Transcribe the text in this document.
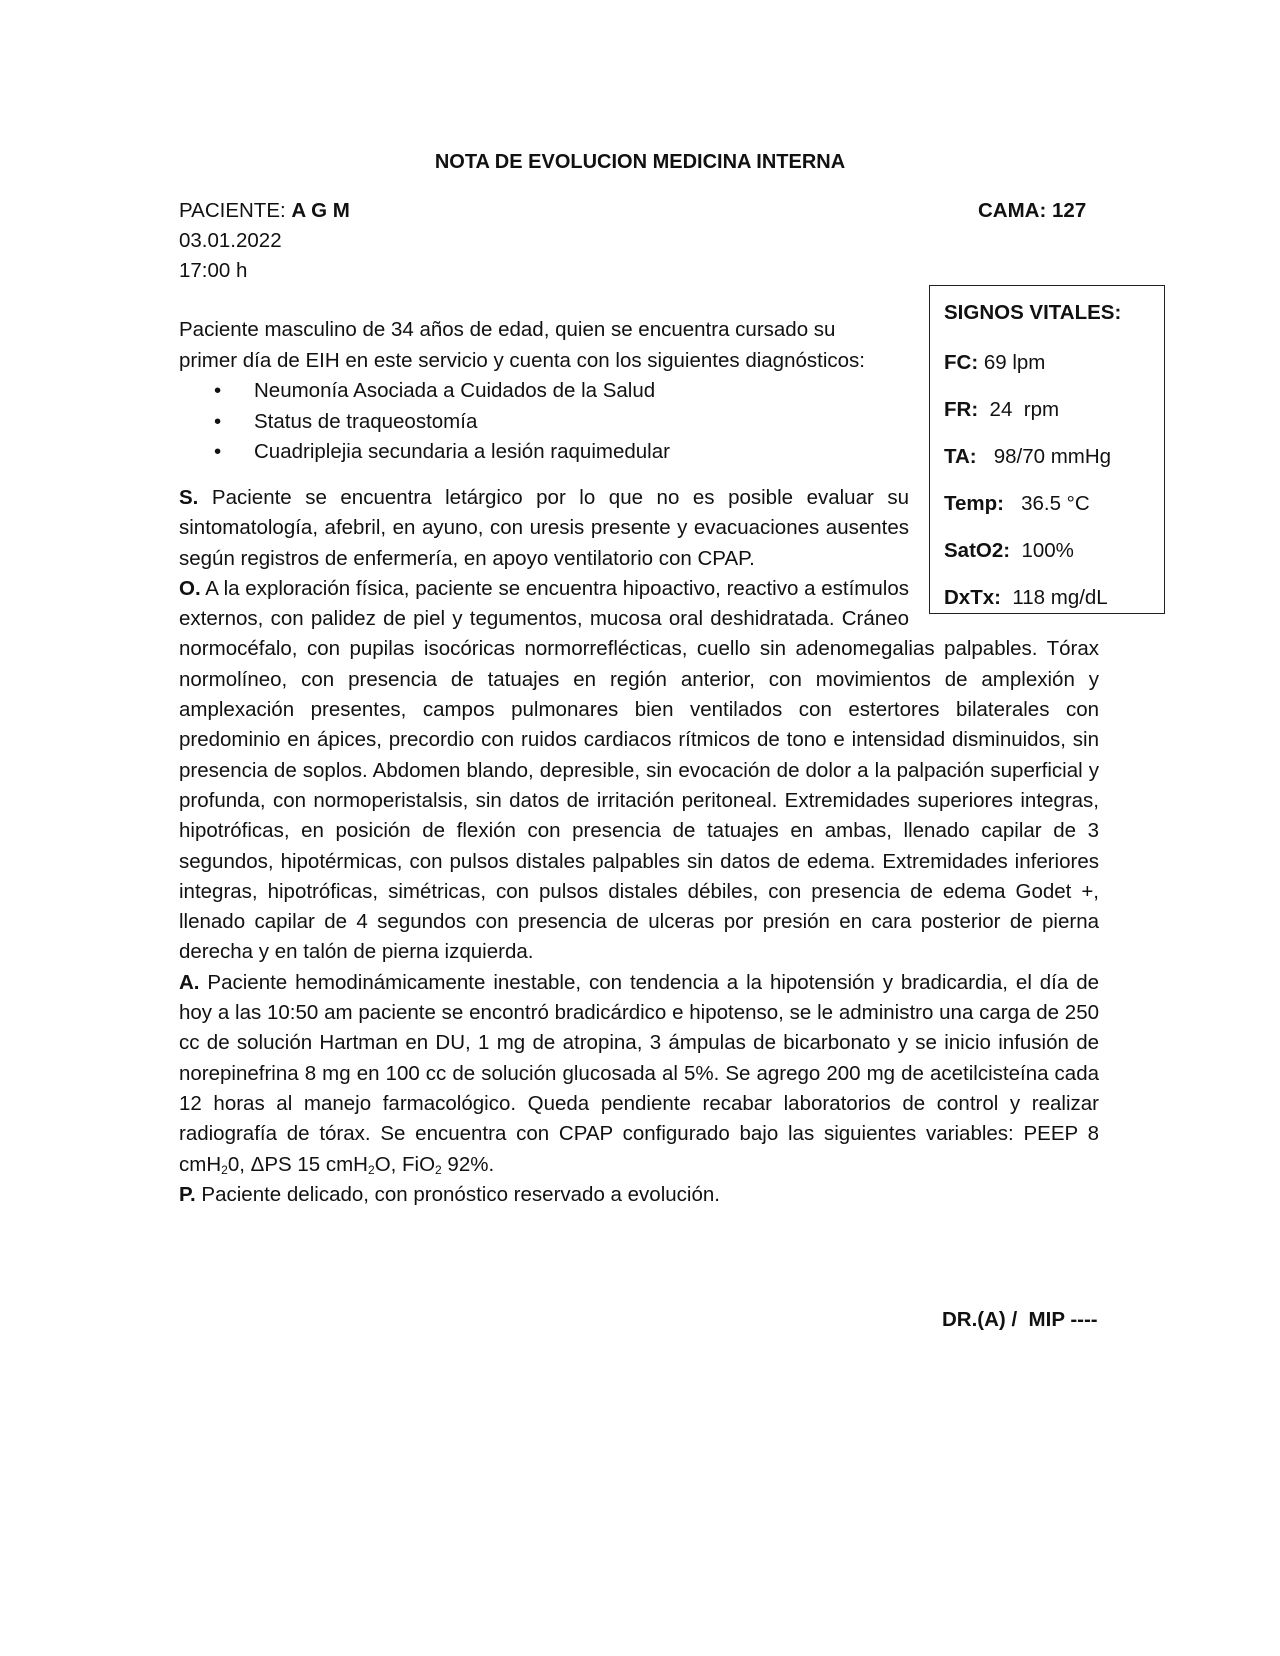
NOTA DE EVOLUCION MEDICINA INTERNA
PACIENTE: A G M	CAMA: 127
03.01.2022
17:00 h
Paciente masculino de 34 años de edad, quien se encuentra cursado su primer día de EIH en este servicio y cuenta con los siguientes diagnósticos:
• Neumonía Asociada a Cuidados de la Salud
• Status de traqueostomía
• Cuadriplejia secundaria a lesión raquimedular
SIGNOS VITALES:
FC: 69 lpm
FR:  24  rpm
TA:   98/70 mmHg
Temp:   36.5 °C
SatO2:  100%
DxTx:  118 mg/dL

S. Paciente se encuentra letárgico por lo que no es posible evaluar su sintomatología, afebril, en ayuno, con uresis presente y evacuaciones ausentes según registros de enfermería, en apoyo ventilatorio con CPAP.

O. A la exploración física, paciente se encuentra hipoactivo, reactivo a estímulos externos, con palidez de piel y tegumentos, mucosa oral deshidratada. Cráneo normocéfalo, con pupilas isocóricas normorreflécticas, cuello sin adenomegalias palpables. Tórax normolíneo, con presencia de tatuajes en región anterior, con movimientos de amplexión y amplexación presentes, campos pulmonares bien ventilados con estertores bilaterales con predominio en ápices, precordio con ruidos cardiacos rítmicos de tono e intensidad disminuidos, sin presencia de soplos. Abdomen blando, depresible, sin evocación de dolor a la palpación superficial y profunda, con normoperistalsis, sin datos de irritación peritoneal. Extremidades superiores integras, hipotróficas, en posición de flexión con presencia de tatuajes en ambas, llenado capilar de 3 segundos, hipotérmicas, con pulsos distales palpables sin datos de edema. Extremidades inferiores integras, hipotróficas, simétricas, con pulsos distales débiles, con presencia de edema Godet +, llenado capilar de 4 segundos con presencia de ulceras por presión en cara posterior de pierna derecha y en talón de pierna izquierda.

A. Paciente hemodinámicamente inestable, con tendencia a la hipotensión y bradicardia, el día de hoy a las 10:50 am paciente se encontró bradicárdico e hipotenso, se le administro una carga de 250 cc de solución Hartman en DU, 1 mg de atropina, 3 ámpulas de bicarbonato y se inicio infusión de norepinefrina 8 mg en 100 cc de solución glucosada al 5%. Se agrego 200 mg de acetilcisteína cada 12 horas al manejo farmacológico. Queda pendiente recabar laboratorios de control y realizar radiografía de tórax. Se encuentra con CPAP configurado bajo las siguientes variables: PEEP 8 cmH$_2$0, ΔPS 15 cmH$_2$O, FiO$_2$ 92%.

P. Paciente delicado, con pronóstico reservado a evolución.

DR.(A) /  MIP ----
